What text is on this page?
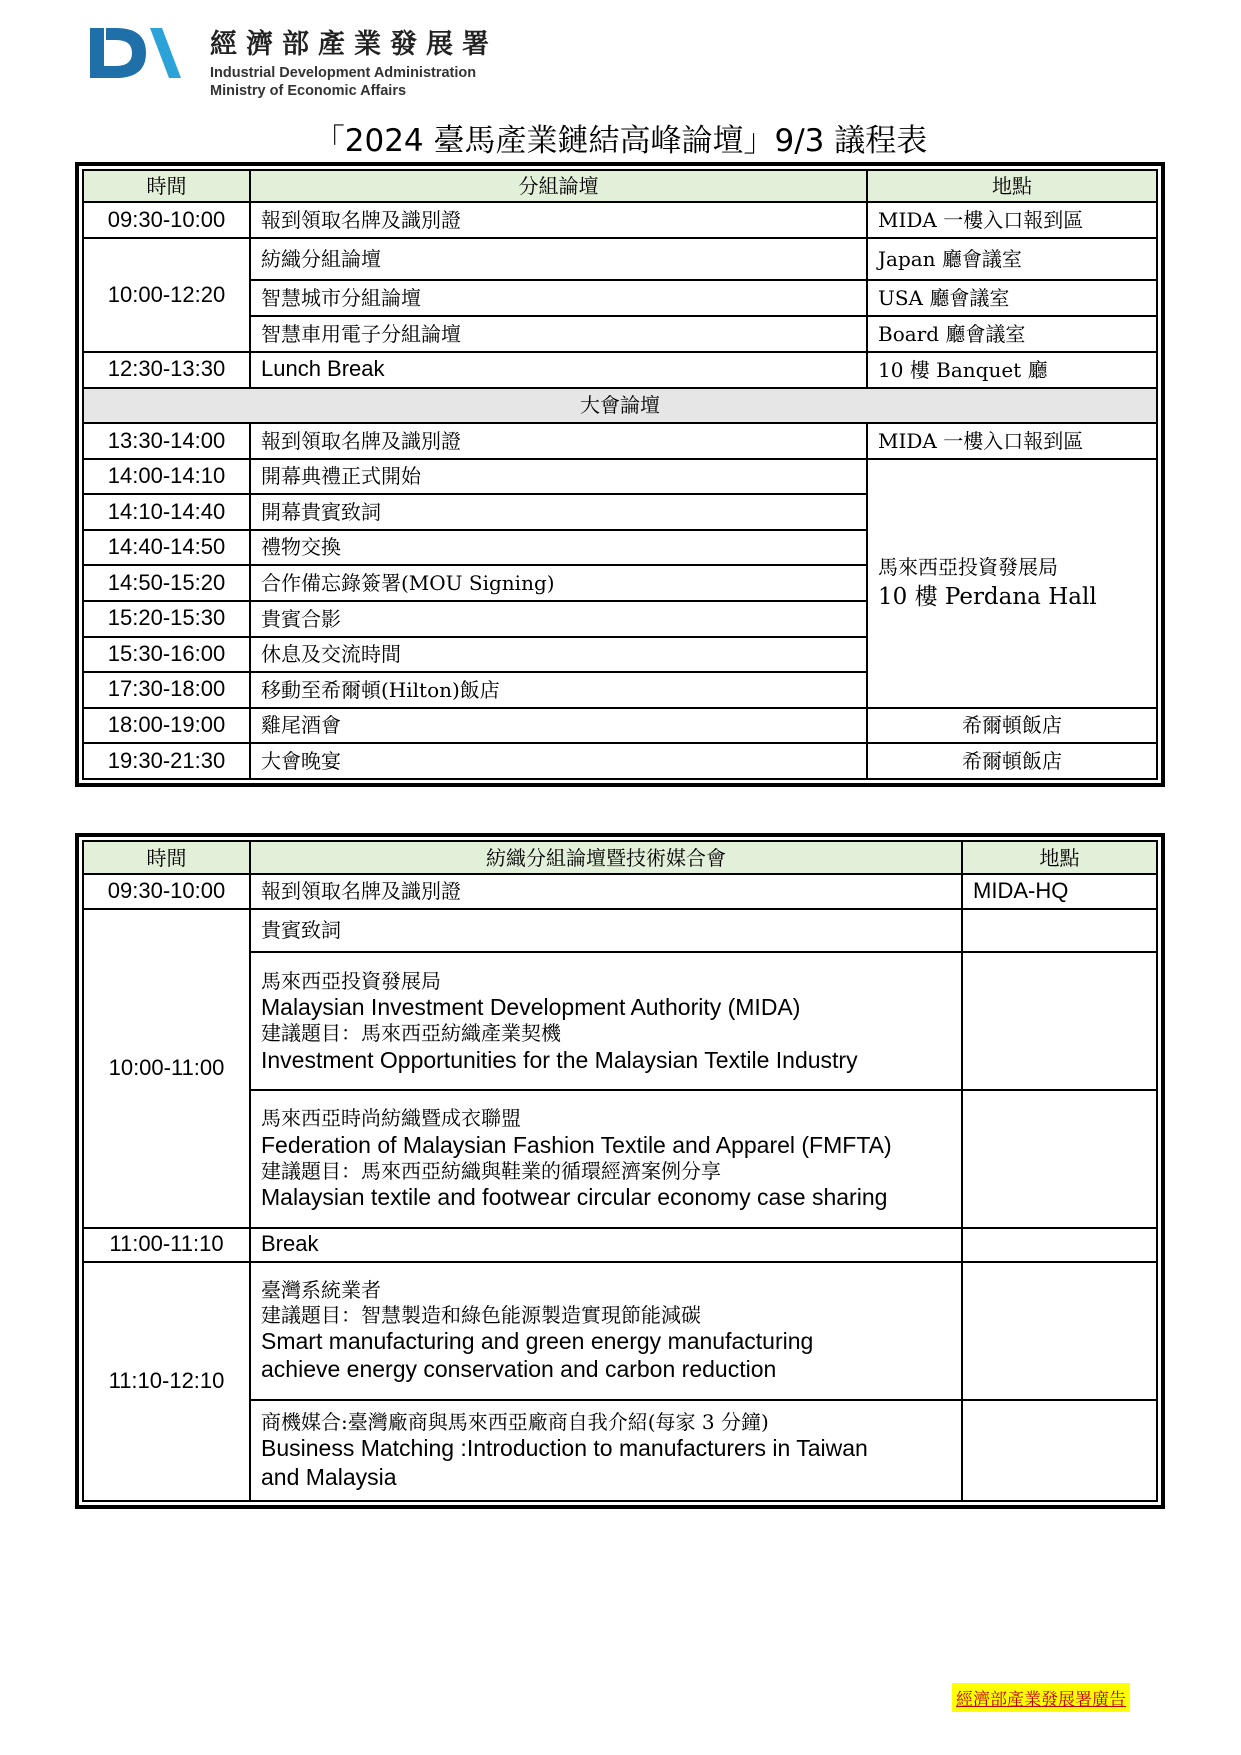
經濟部產業發展署
Industrial Development Administration
Ministry of Economic Affairs
「2024 臺馬產業鏈結高峰論壇」9/3 議程表
時間	分組論壇	地點
09:30-10:00	報到領取名牌及識別證	MIDA 一樓入口報到區
10:00-12:20	紡織分組論壇	Japan 廳會議室
	智慧城市分組論壇	USA 廳會議室
	智慧車用電子分組論壇	Board 廳會議室
12:30-13:30	Lunch Break	10 樓 Banquet 廳
大會論壇		
13:30-14:00	報到領取名牌及識別證	MIDA 一樓入口報到區
14:00-14:10	開幕典禮正式開始	馬來西亞投資發展局
10 樓 Perdana Hall

14:10-14:40	開幕貴賓致詞	
14:40-14:50	禮物交換	
14:50-15:20	合作備忘錄簽署(MOU Signing)	
15:20-15:30	貴賓合影	
15:30-16:00	休息及交流時間	
17:30-18:00	移動至希爾頓(Hilton)飯店	
18:00-19:00	雞尾酒會	希爾頓飯店
19:30-21:30	大會晚宴	希爾頓飯店
時間	紡織分組論壇暨技術媒合會	地點
09:30-10:00	報到領取名牌及識別證	MIDA-HQ
10:00-11:00	貴賓致詞	

	馬來西亞投資發展局
Malaysian Investment Development Authority (MIDA)
建議題目：馬來西亞紡織產業契機
Investment Opportunities for the Malaysian Textile Industry	

	馬來西亞時尚紡織暨成衣聯盟
Federation of Malaysian Fashion Textile and Apparel (FMFTA)
建議題目：馬來西亞紡織與鞋業的循環經濟案例分享
Malaysian textile and footwear circular economy case sharing	

11:00-11:10	Break	
11:10-12:10	臺灣系統業者
建議題目：智慧製造和綠色能源製造實現節能減碳
Smart manufacturing and green energy manufacturing
achieve energy conservation and carbon reduction	

	商機媒合:臺灣廠商與馬來西亞廠商自我介紹(每家 3 分鐘)
Business Matching :Introduction to manufacturers in Taiwan
and Malaysia	

經濟部產業發展署廣告
